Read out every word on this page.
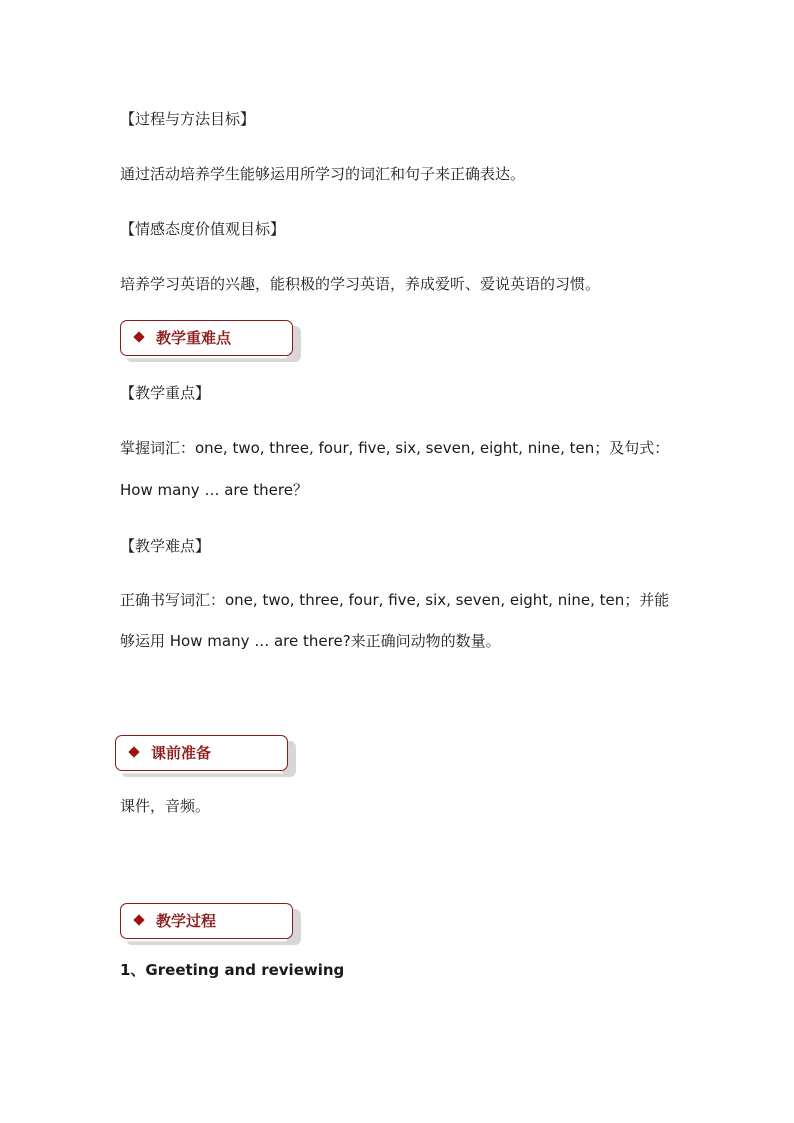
【过程与方法目标】
通过活动培养学生能够运用所学习的词汇和句子来正确表达。
【情感态度价值观目标】
培养学习英语的兴趣，能积极的学习英语，养成爱听、爱说英语的习惯。
教学重难点
【教学重点】
掌握词汇：one, two, three, four, five, six, seven, eight, nine, ten；及句式：
How many … are there？
【教学难点】
正确书写词汇：one, two, three, four, five, six, seven, eight, nine, ten；并能
够运用 How many … are there?来正确问动物的数量。
课前准备
课件，音频。
教学过程
1、Greeting and reviewing
